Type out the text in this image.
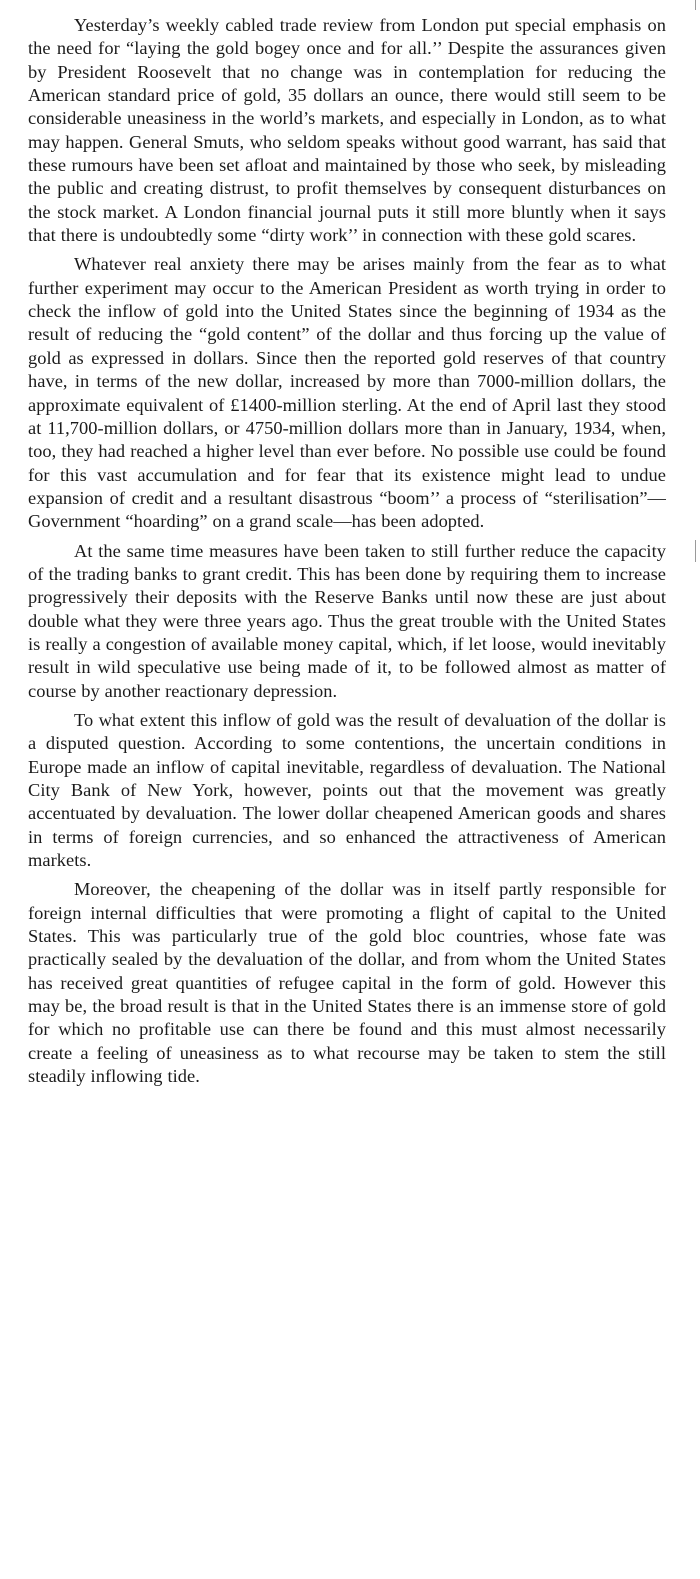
Yesterday’s weekly cabled trade review from London put special emphasis on the need for “laying the gold bogey once and for all.’’ Despite the assurances given by President Roosevelt that no change was in contemplation for reducing the American standard price of gold, 35 dollars an ounce, there would still seem to be considerable uneasiness in the world’s markets, and especially in London, as to what may happen. General Smuts, who seldom speaks without good warrant, has said that these rumours have been set afloat and maintained by those who seek, by misleading the public and creating distrust, to profit themselves by consequent disturbances on the stock market. A London financial journal puts it still more bluntly when it says that there is undoubtedly some “dirty work’’ in connection with these gold scares.

Whatever real anxiety there may be arises mainly from the fear as to what further experiment may occur to the American President as worth trying in order to check the inflow of gold into the United States since the beginning of 1934 as the result of reducing the “gold content” of the dollar and thus forcing up the value of gold as expressed in dollars. Since then the reported gold reserves of that country have, in terms of the new dollar, increased by more than 7000-million dollars, the approximate equivalent of £1400-million sterling. At the end of April last they stood at 11,700-million dollars, or 4750-million dollars more than in January, 1934, when, too, they had reached a higher level than ever before. No possible use could be found for this vast accumulation and for fear that its existence might lead to undue expansion of credit and a resultant disastrous “boom’’ a process of “sterilisation”—Government “hoarding” on a grand scale—has been adopted.

At the same time measures have been taken to still further reduce the capacity of the trading banks to grant credit. This has been done by requiring them to increase progressively their deposits with the Reserve Banks until now these are just about double what they were three years ago. Thus the great trouble with the United States is really a congestion of available money capital, which, if let loose, would inevitably result in wild speculative use being made of it, to be followed almost as matter of course by another reactionary depression.

To what extent this inflow of gold was the result of devaluation of the dollar is a disputed question. According to some contentions, the uncertain conditions in Europe made an inflow of capital inevitable, regardless of devaluation. The National City Bank of New York, however, points out that the movement was greatly accentuated by devaluation. The lower dollar cheapened American goods and shares in terms of foreign currencies, and so enhanced the attractiveness of American markets.

Moreover, the cheapening of the dollar was in itself partly responsible for foreign internal difficulties that were promoting a flight of capital to the United States. This was particularly true of the gold bloc countries, whose fate was practically sealed by the devaluation of the dollar, and from whom the United States has received great quantities of refugee capital in the form of gold. However this may be, the broad result is that in the United States there is an immense store of gold for which no profitable use can there be found and this must almost necessarily create a feeling of uneasiness as to what recourse may be taken to stem the still steadily inflowing tide.
